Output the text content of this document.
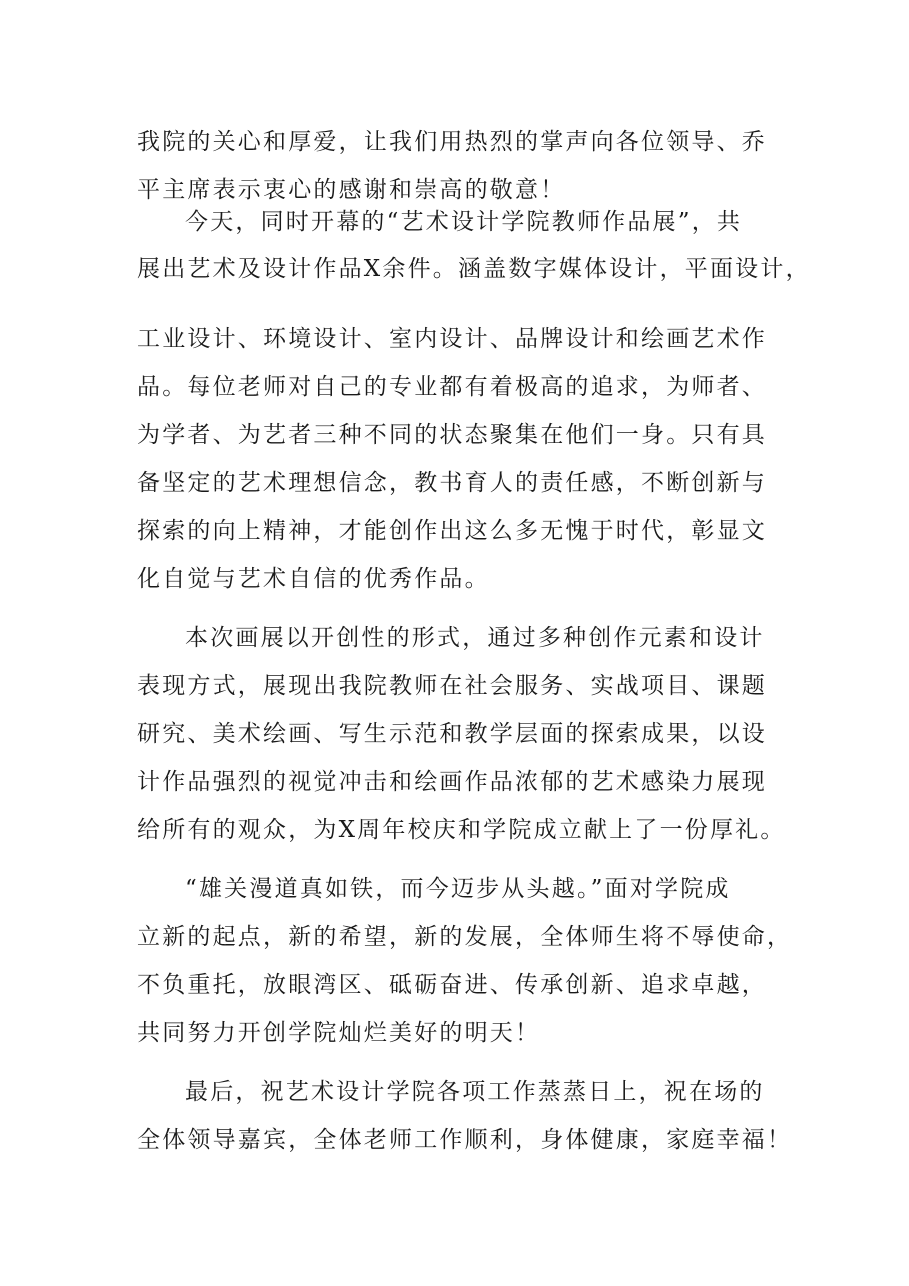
我院的关心和厚爱，让我们用热烈的掌声向各位领导、乔
平主席表示衷心的感谢和崇高的敬意！
今天，同时开幕的“艺术设计学院教师作品展”，共
展出艺术及设计作品X余件。涵盖数字媒体设计，平面设计，
工业设计、环境设计、室内设计、品牌设计和绘画艺术作
品。每位老师对自己的专业都有着极高的追求，为师者、
为学者、为艺者三种不同的状态聚集在他们一身。只有具
备坚定的艺术理想信念，教书育人的责任感，不断创新与
探索的向上精神，才能创作出这么多无愧于时代，彰显文
化自觉与艺术自信的优秀作品。
本次画展以开创性的形式，通过多种创作元素和设计
表现方式，展现出我院教师在社会服务、实战项目、课题
研究、美术绘画、写生示范和教学层面的探索成果，以设
计作品强烈的视觉冲击和绘画作品浓郁的艺术感染力展现
给所有的观众，为X周年校庆和学院成立献上了一份厚礼。
“雄关漫道真如铁，而今迈步从头越。”面对学院成
立新的起点，新的希望，新的发展，全体师生将不辱使命，
不负重托，放眼湾区、砥砺奋进、传承创新、追求卓越，
共同努力开创学院灿烂美好的明天！
最后，祝艺术设计学院各项工作蒸蒸日上，祝在场的
全体领导嘉宾，全体老师工作顺利，身体健康，家庭幸福！
